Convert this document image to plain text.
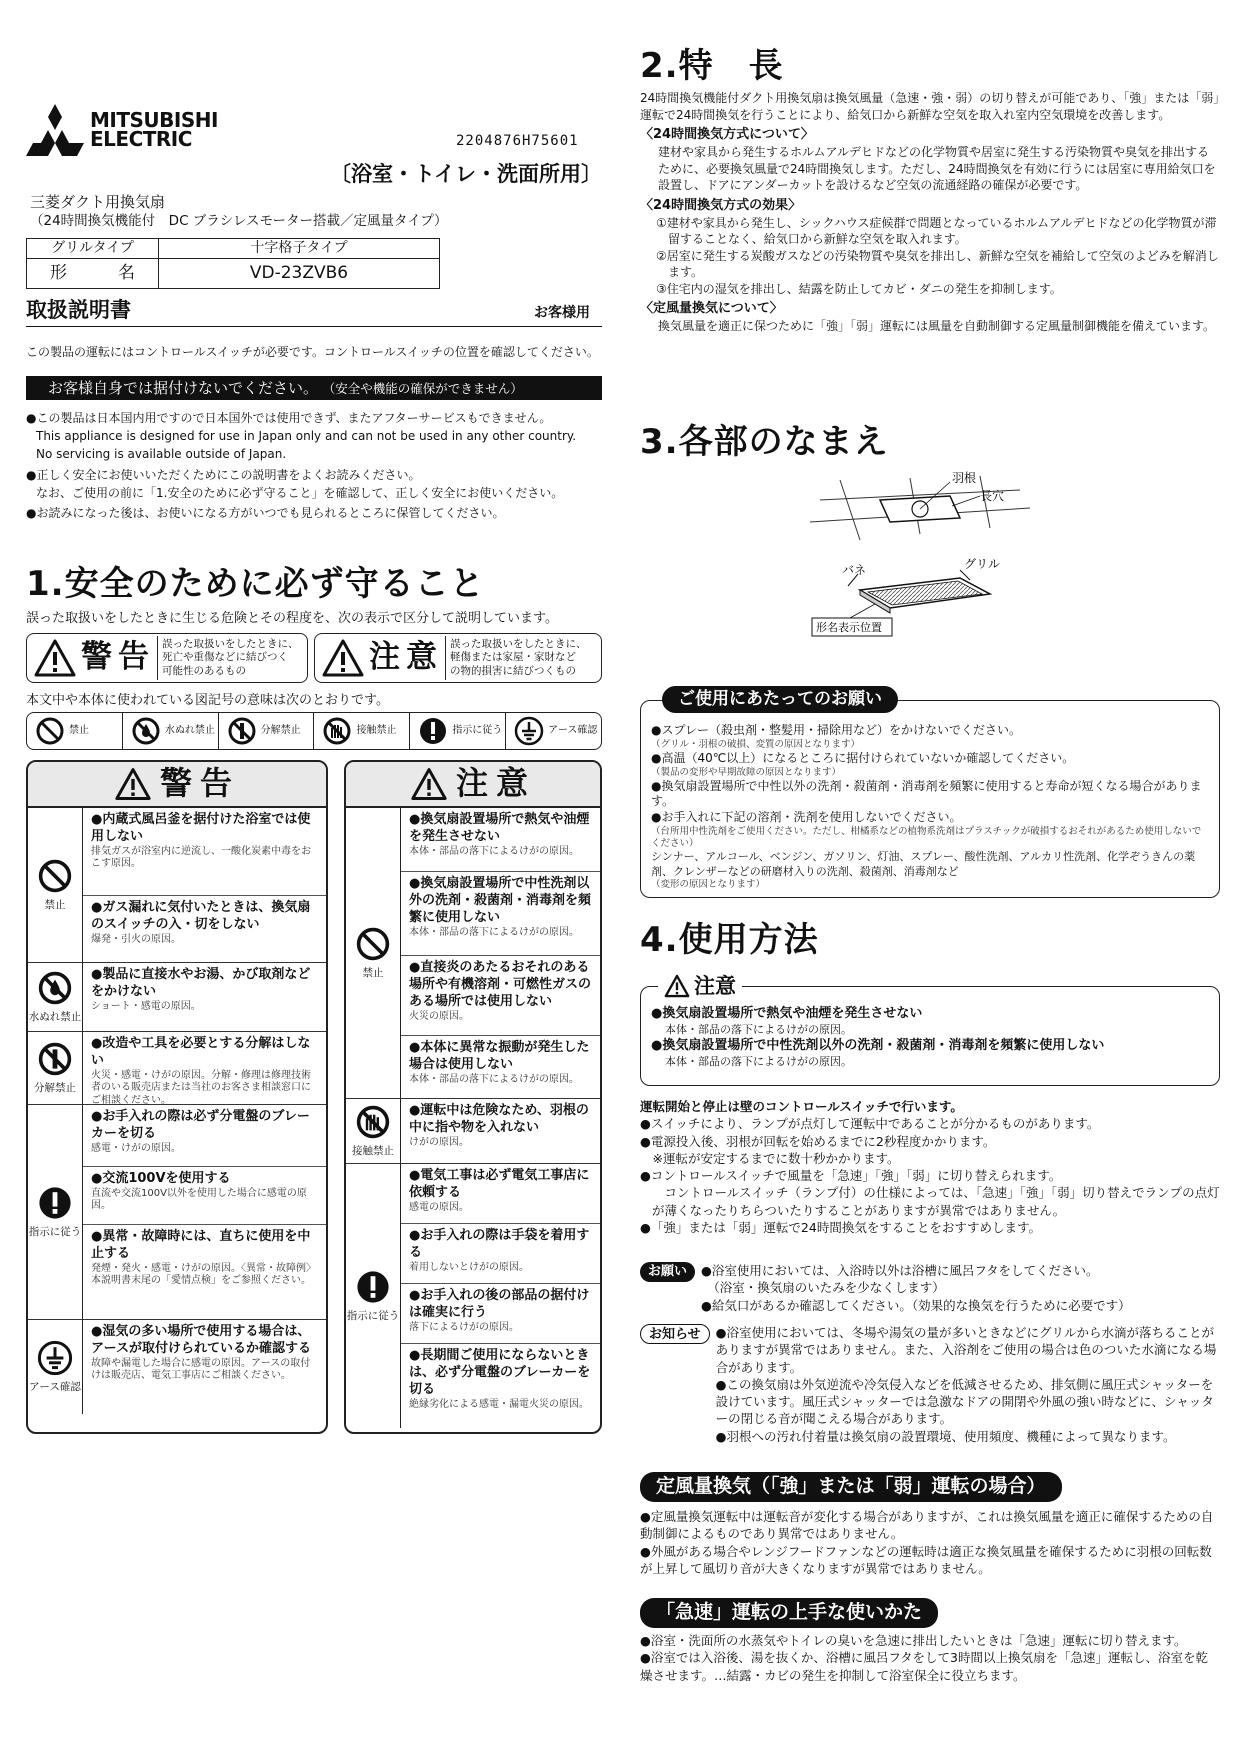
MITSUBISHI
ELECTRIC	2204876H75601
〔浴室・トイレ・洗面所用〕
三菱ダクト用換気扇
（24時間換気機能付　DC ブラシレスモーター搭載／定風量タイプ）
グリルタイプ	十字格子タイプ
形　　　名	VD-23ZVB6
取扱説明書	お客様用
この製品の運転にはコントロールスイッチが必要です。コントロールスイッチの位置を確認してください。
お客様自身では据付けないでください。 （安全や機能の確保ができません）

●この製品は日本国内用ですので日本国外では使用できず、またアフターサービスもできません。

This appliance is designed for use in Japan only and can not be used in any other country.

No servicing is available outside of Japan.

●正しく安全にお使いいただくためにこの説明書をよくお読みください。

なお、ご使用の前に「1.安全のために必ず守ること」を確認して、正しく安全にお使いください。

●お読みになった後は、お使いになる方がいつでも見られるところに保管してください。

1.安全のために必ず守ること
誤った取扱いをしたときに生じる危険とその程度を、次の表示で区分して説明しています。
警告 誤った取扱いをしたときに、
死亡や重傷などに結びつく
可能性のあるもの	注意 誤った取扱いをしたときに、
軽傷または家屋・家財など
の物的損害に結びつくもの
本文中や本体に使われている図記号の意味は次のとおりです。
禁止	水ぬれ禁止	分解禁止	接触禁止	指示に従う	アース確認
警告
禁止
●内蔵式風呂釜を据付けた浴室では使用しない
排気ガスが浴室内に逆流し、一酸化炭素中毒をおこす原因。
●ガス漏れに気付いたときは、換気扇のスイッチの入・切をしない
爆発・引火の原因。
水ぬれ禁止
●製品に直接水やお湯、かび取剤などをかけない
ショート・感電の原因。
分解禁止
●改造や工具を必要とする分解はしない
火災・感電・けがの原因。分解・修理は修理技術者のいる販売店または当社のお客さま相談窓口にご相談ください。
指示に従う
●お手入れの際は必ず分電盤のブレーカーを切る
感電・けがの原因。
●交流100Vを使用する
直流や交流100V以外を使用した場合に感電の原因。
●異常・故障時には、直ちに使用を中止する
発煙・発火・感電・けがの原因。〈異常・故障例〉本説明書末尾の「愛情点検」をご参照ください。
アース確認
●湿気の多い場所で使用する場合は、アースが取付けられているか確認する
故障や漏電した場合に感電の原因。アースの取付けは販売店、電気工事店にご相談ください。
注意
禁止
●換気扇設置場所で熱気や油煙を発生させない
本体・部品の落下によるけがの原因。
●換気扇設置場所で中性洗剤以外の洗剤・殺菌剤・消毒剤を頻繁に使用しない
本体・部品の落下によるけがの原因。
●直接炎のあたるおそれのある場所や有機溶剤・可燃性ガスのある場所では使用しない
火災の原因。
●本体に異常な振動が発生した場合は使用しない
本体・部品の落下によるけがの原因。
接触禁止
●運転中は危険なため、羽根の中に指や物を入れない
けがの原因。
指示に従う
●電気工事は必ず電気工事店に依頼する
感電の原因。
●お手入れの際は手袋を着用する
着用しないとけがの原因。
●お手入れの後の部品の据付けは確実に行う
落下によるけがの原因。
●長期間ご使用にならないときは、必ず分電盤のブレーカーを切る
絶縁劣化による感電・漏電火災の原因。
2.特　長

24時間換気機能付ダクト用換気扇は換気風量（急速・強・弱）の切り替えが可能であり、「強」または「弱」運転で24時間換気を行うことにより、給気口から新鮮な空気を取入れ室内空気環境を改善します。

〈24時間換気方式について〉

建材や家具から発生するホルムアルデヒドなどの化学物質や居室に発生する汚染物質や臭気を排出するために、必要換気風量で24時間換気します。ただし、24時間換気を有効に行うには居室に専用給気口を設置し、ドアにアンダーカットを設けるなど空気の流通経路の確保が必要です。

〈24時間換気方式の効果〉

①建材や家具から発生し、シックハウス症候群で問題となっているホルムアルデヒドなどの化学物質が滞留することなく、給気口から新鮮な空気を取入れます。

②居室に発生する炭酸ガスなどの汚染物質や臭気を排出し、新鮮な空気を補給して空気のよどみを解消します。

③住宅内の湿気を排出し、結露を防止してカビ・ダニの発生を抑制します。

〈定風量換気について〉

換気風量を適正に保つために「強」「弱」運転には風量を自動制御する定風量制御機能を備えています。

3.各部のなまえ
羽根
長穴
バネ	グリル
形名表示位置

●スプレー（殺虫剤・整髪用・掃除用など）をかけないでください。

（グリル・羽根の破損、変質の原因となります）

●高温（40℃以上）になるところに据付けられていないか確認してください。

（製品の変形や早期故障の原因となります）

●換気扇設置場所で中性以外の洗剤・殺菌剤・消毒剤を頻繁に使用すると寿命が短くなる場合があります。

●お手入れに下記の溶剤・洗剤を使用しないでください。

（台所用中性洗剤をご使用ください。ただし、柑橘系などの植物系洗剤はプラスチックが破損するおそれがあるため使用しないでください）

シンナー、アルコール、ベンジン、ガソリン、灯油、スプレー、酸性洗剤、アルカリ性洗剤、化学ぞうきんの薬剤、クレンザーなどの研磨材入りの洗剤、殺菌剤、消毒剤など

（変形の原因となります）

ご使用にあたってのお願い
4.使用方法

●換気扇設置場所で熱気や油煙を発生させない

本体・部品の落下によるけがの原因。

●換気扇設置場所で中性洗剤以外の洗剤・殺菌剤・消毒剤を頻繁に使用しない

本体・部品の落下によるけがの原因。

注意

運転開始と停止は壁のコントロールスイッチで行います。

●スイッチにより、ランプが点灯して運転中であることが分かるものがあります。

●電源投入後、羽根が回転を始めるまでに2秒程度かかります。

　※運転が安定するまでに数十秒かかります。

●コントロールスイッチで風量を「急速」「強」「弱」に切り替えられます。

　コントロールスイッチ（ランプ付）の仕様によっては、「急速」「強」「弱」切り替えでランプの点灯が薄くなったりちらついたりすることがありますが異常ではありません。

●「強」または「弱」運転で24時間換気をすることをおすすめします。

お願い	●浴室使用においては、入浴時以外は浴槽に風呂フタをしてください。

　（浴室・換気扇のいたみを少なくします）

●給気口があるか確認してください。（効果的な換気を行うために必要です）

お知らせ	●浴室使用においては、冬場や湯気の量が多いときなどにグリルから水滴が落ちることがありますが異常ではありません。また、入浴剤をご使用の場合は色のついた水滴になる場合があります。

●この換気扇は外気逆流や冷気侵入などを低減させるため、排気側に風圧式シャッターを設けています。風圧式シャッターでは急激なドアの開閉や外風の強い時などに、シャッターの閉じる音が聞こえる場合があります。

●羽根への汚れ付着量は換気扇の設置環境、使用頻度、機種によって異なります。

定風量換気（「強」または「弱」運転の場合）

●定風量換気運転中は運転音が変化する場合がありますが、これは換気風量を適正に確保するための自動制御によるものであり異常ではありません。

●外風がある場合やレンジフードファンなどの運転時は適正な換気風量を確保するために羽根の回転数が上昇して風切り音が大きくなりますが異常ではありません。

「急速」運転の上手な使いかた

●浴室・洗面所の水蒸気やトイレの臭いを急速に排出したいときは「急速」運転に切り替えます。

●浴室では入浴後、湯を抜くか、浴槽に風呂フタをして3時間以上換気扇を「急速」運転し、浴室を乾燥させます。…結露・カビの発生を抑制して浴室保全に役立ちます。
